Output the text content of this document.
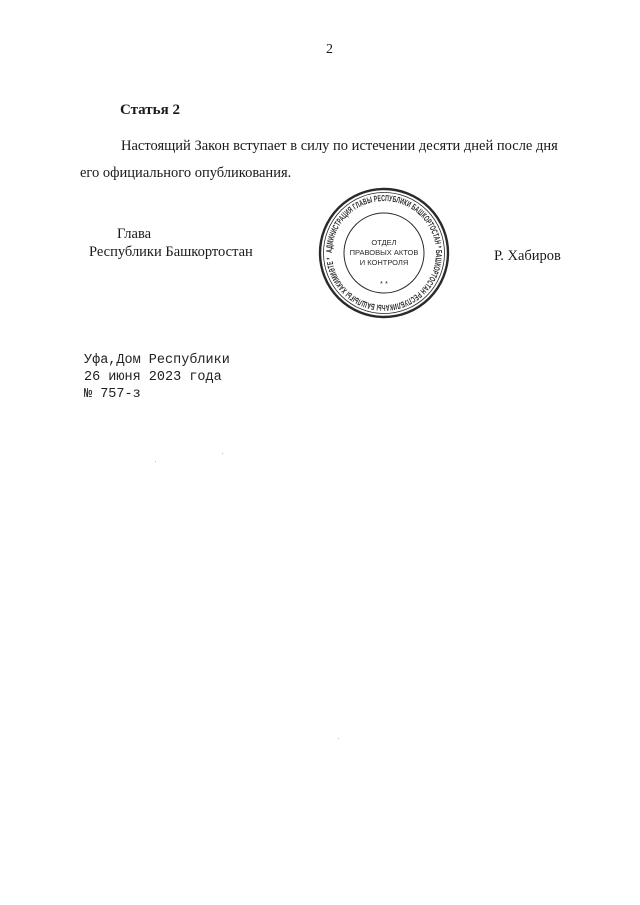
2
Статья 2
Настоящий Закон вступает в силу по истечении десяти дней после дня
его официального опубликования.
Глава
Республики Башкортостан	АДМИНИСТРАЦИЯ ГЛАВЫ РЕСПУБЛИКИ БАШКОРТОСТАН * БАШКОРТОСТАН РЕСПУБЛИКАҺЫ БАШЛЫҒЫ ХАКИМИӘТЕ *
ОТДЕЛ
ПРАВОВЫХ АКТОВ
И КОНТРОЛЯ
* *
Р. Хабиров
Уфа,Дом Республики
26 июня 2023 года
№ 757-з
